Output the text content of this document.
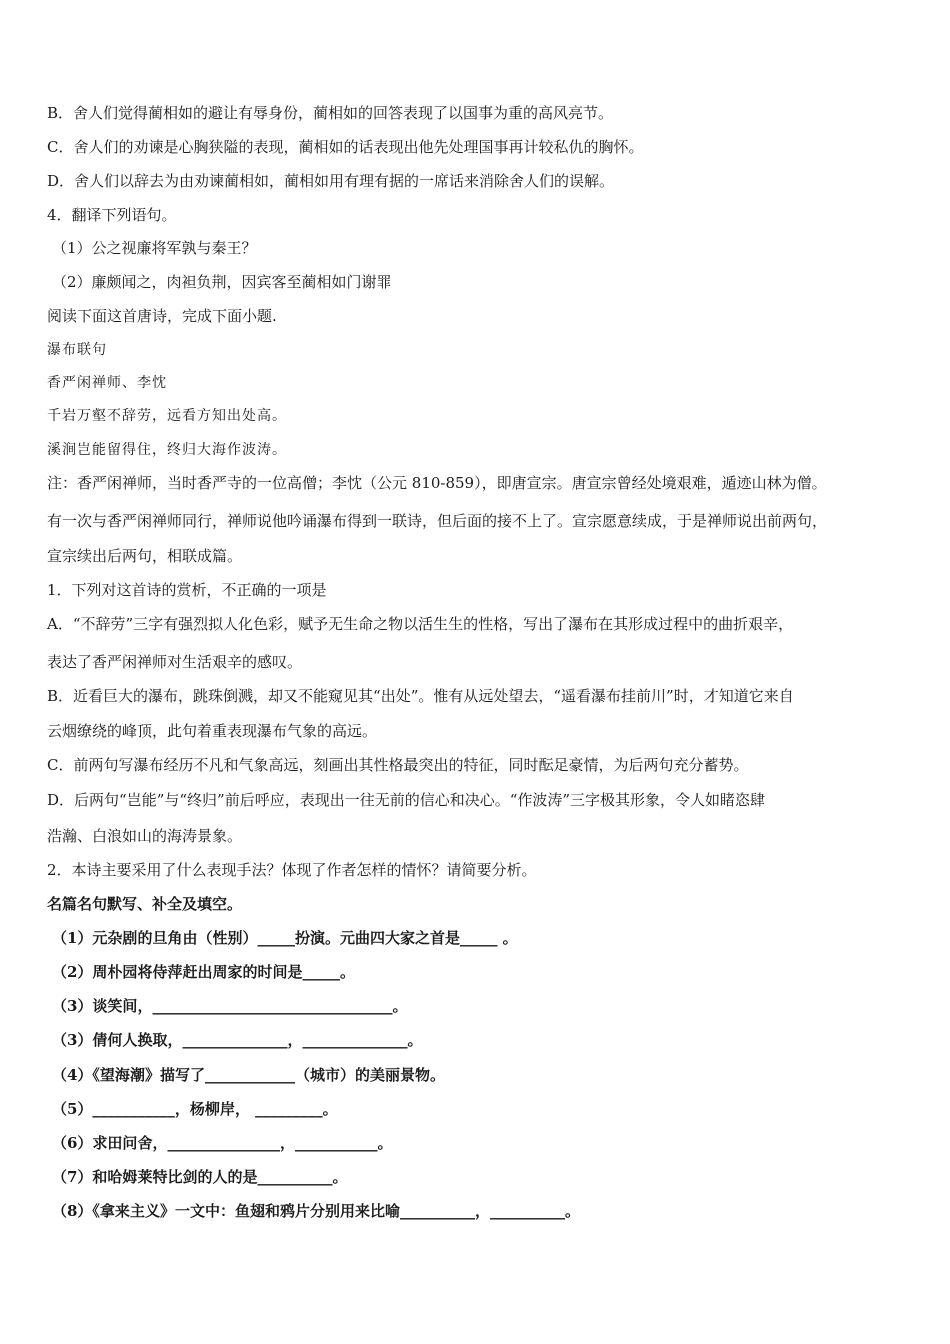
B．舍人们觉得蔺相如的避让有辱身份，蔺相如的回答表现了以国事为重的高风亮节。
C．舍人们的劝谏是心胸狭隘的表现，蔺相如的话表现出他先处理国事再计较私仇的胸怀。
D．舍人们以辞去为由劝谏蔺相如，蔺相如用有理有据的一席话来消除舍人们的误解。
4．翻译下列语句。
（1）公之视廉将军孰与秦王？
（2）廉颇闻之，肉袒负荆，因宾客至蔺相如门谢罪
阅读下面这首唐诗，完成下面小题.
瀑布联句
香严闲禅师、李忱
千岩万壑不辞劳，远看方知出处高。
溪涧岂能留得住，终归大海作波涛。
注：香严闲禅师，当时香严寺的一位高僧；李忱（公元 810-859），即唐宣宗。唐宣宗曾经处境艰难，遁迹山林为僧。
有一次与香严闲禅师同行，禅师说他吟诵瀑布得到一联诗，但后面的接不上了。宣宗愿意续成，于是禅师说出前两句，
宣宗续出后两句，相联成篇。
1．下列对这首诗的赏析，不正确的一项是
A．“不辞劳”三字有强烈拟人化色彩，赋予无生命之物以活生生的性格，写出了瀑布在其形成过程中的曲折艰辛，
表达了香严闲禅师对生活艰辛的感叹。
B．近看巨大的瀑布，跳珠倒溅，却又不能窥见其“出处”。惟有从远处望去，“遥看瀑布挂前川”时，才知道它来自
云烟缭绕的峰顶，此句着重表现瀑布气象的高远。
C．前两句写瀑布经历不凡和气象高远，刻画出其性格最突出的特征，同时酝足豪情，为后两句充分蓄势。
D．后两句“岂能”与“终归”前后呼应，表现出一往无前的信心和决心。“作波涛”三字极其形象，令人如睹恣肆
浩瀚、白浪如山的海涛景象。
2．本诗主要采用了什么表现手法？体现了作者怎样的情怀？请简要分析。
名篇名句默写、补全及填空。
（1）元杂剧的旦角由（性别）_____扮演。元曲四大家之首是_____ 。
（2）周朴园将侍萍赶出周家的时间是_____。
（3）谈笑间，________________________________。
（3）倩何人换取，______________，______________。
（4）《望海潮》描写了____________（城市）的美丽景物。
（5）___________，杨柳岸， _________。
（6）求田问舍，_______________，___________。
（7）和哈姆莱特比剑的人的是__________。
（8）《拿来主义》一文中：鱼翅和鸦片分别用来比喻__________，__________。
